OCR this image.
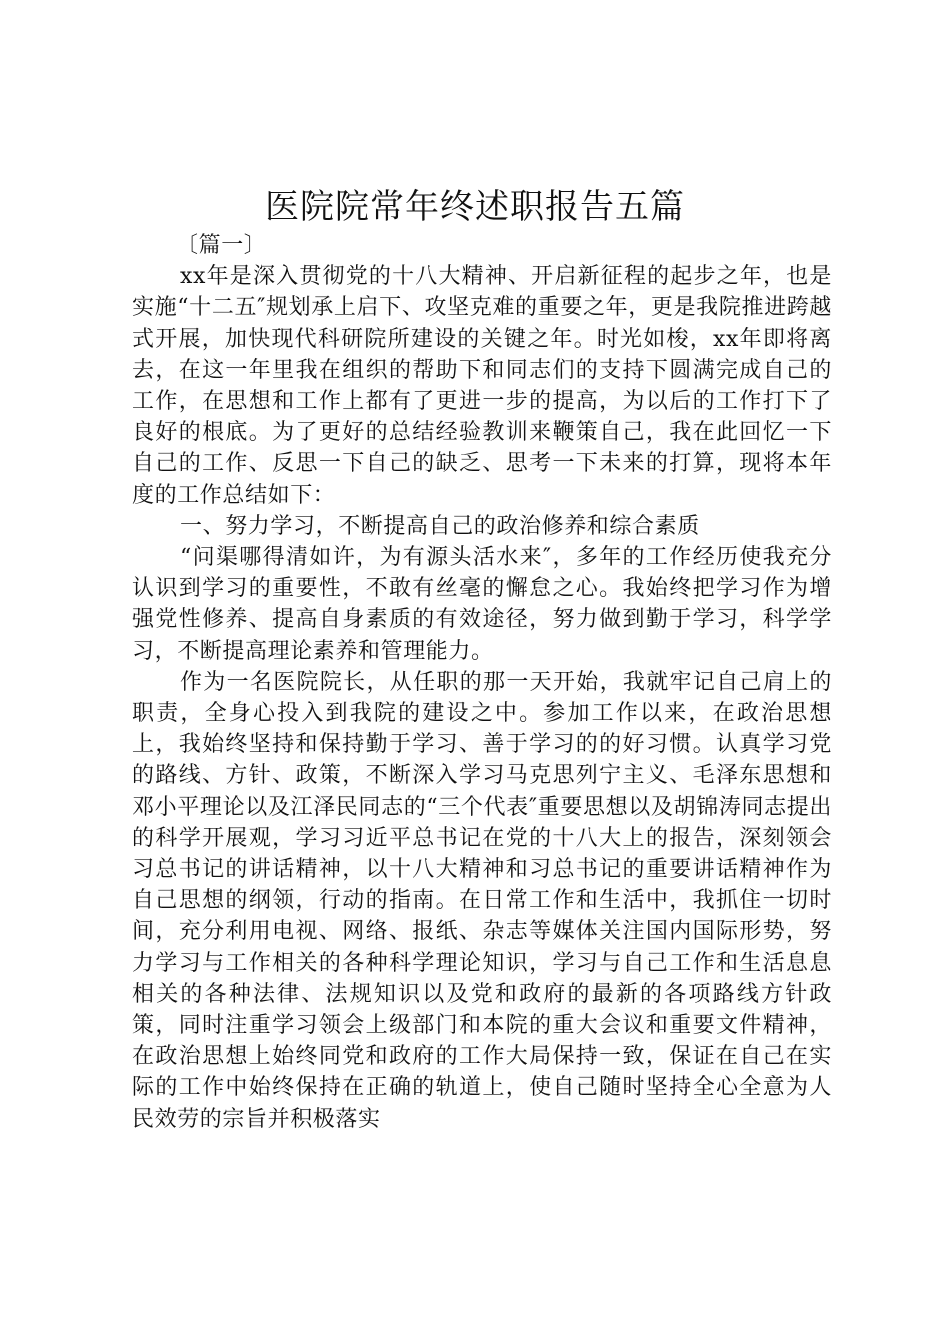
医院院常年终述职报告五篇

〔篇一〕

xx年是深入贯彻党的十八大精神、开启新征程的起步之年，也是实施“十二五″规划承上启下、攻坚克难的重要之年，更是我院推进跨越式开展，加快现代科研院所建设的关键之年。时光如梭，xx年即将离去，在这一年里我在组织的帮助下和同志们的支持下圆满完成自己的工作，在思想和工作上都有了更进一步的提高，为以后的工作打下了良好的根底。为了更好的总结经验教训来鞭策自己，我在此回忆一下自己的工作、反思一下自己的缺乏、思考一下未来的打算，现将本年度的工作总结如下：

一、努力学习，不断提高自己的政治修养和综合素质

“问渠哪得清如许，为有源头活水来″，多年的工作经历使我充分认识到学习的重要性，不敢有丝毫的懈怠之心。我始终把学习作为增强党性修养、提高自身素质的有效途径，努力做到勤于学习，科学学习，不断提高理论素养和管理能力。

作为一名医院院长，从任职的那一天开始，我就牢记自己肩上的职责，全身心投入到我院的建设之中。参加工作以来，在政治思想上，我始终坚持和保持勤于学习、善于学习的的好习惯。认真学习党的路线、方针、政策，不断深入学习马克思列宁主义、毛泽东思想和邓小平理论以及江泽民同志的“三个代表″重要思想以及胡锦涛同志提出的科学开展观，学习习近平总书记在党的十八大上的报告，深刻领会习总书记的讲话精神，以十八大精神和习总书记的重要讲话精神作为自己思想的纲领，行动的指南。在日常工作和生活中，我抓住一切时间，充分利用电视、网络、报纸、杂志等媒体关注国内国际形势，努力学习与工作相关的各种科学理论知识，学习与自己工作和生活息息相关的各种法律、法规知识以及党和政府的最新的各项路线方针政策，同时注重学习领会上级部门和本院的重大会议和重要文件精神，在政治思想上始终同党和政府的工作大局保持一致，保证在自己在实际的工作中始终保持在正确的轨道上，使自己随时坚持全心全意为人民效劳的宗旨并积极落实
